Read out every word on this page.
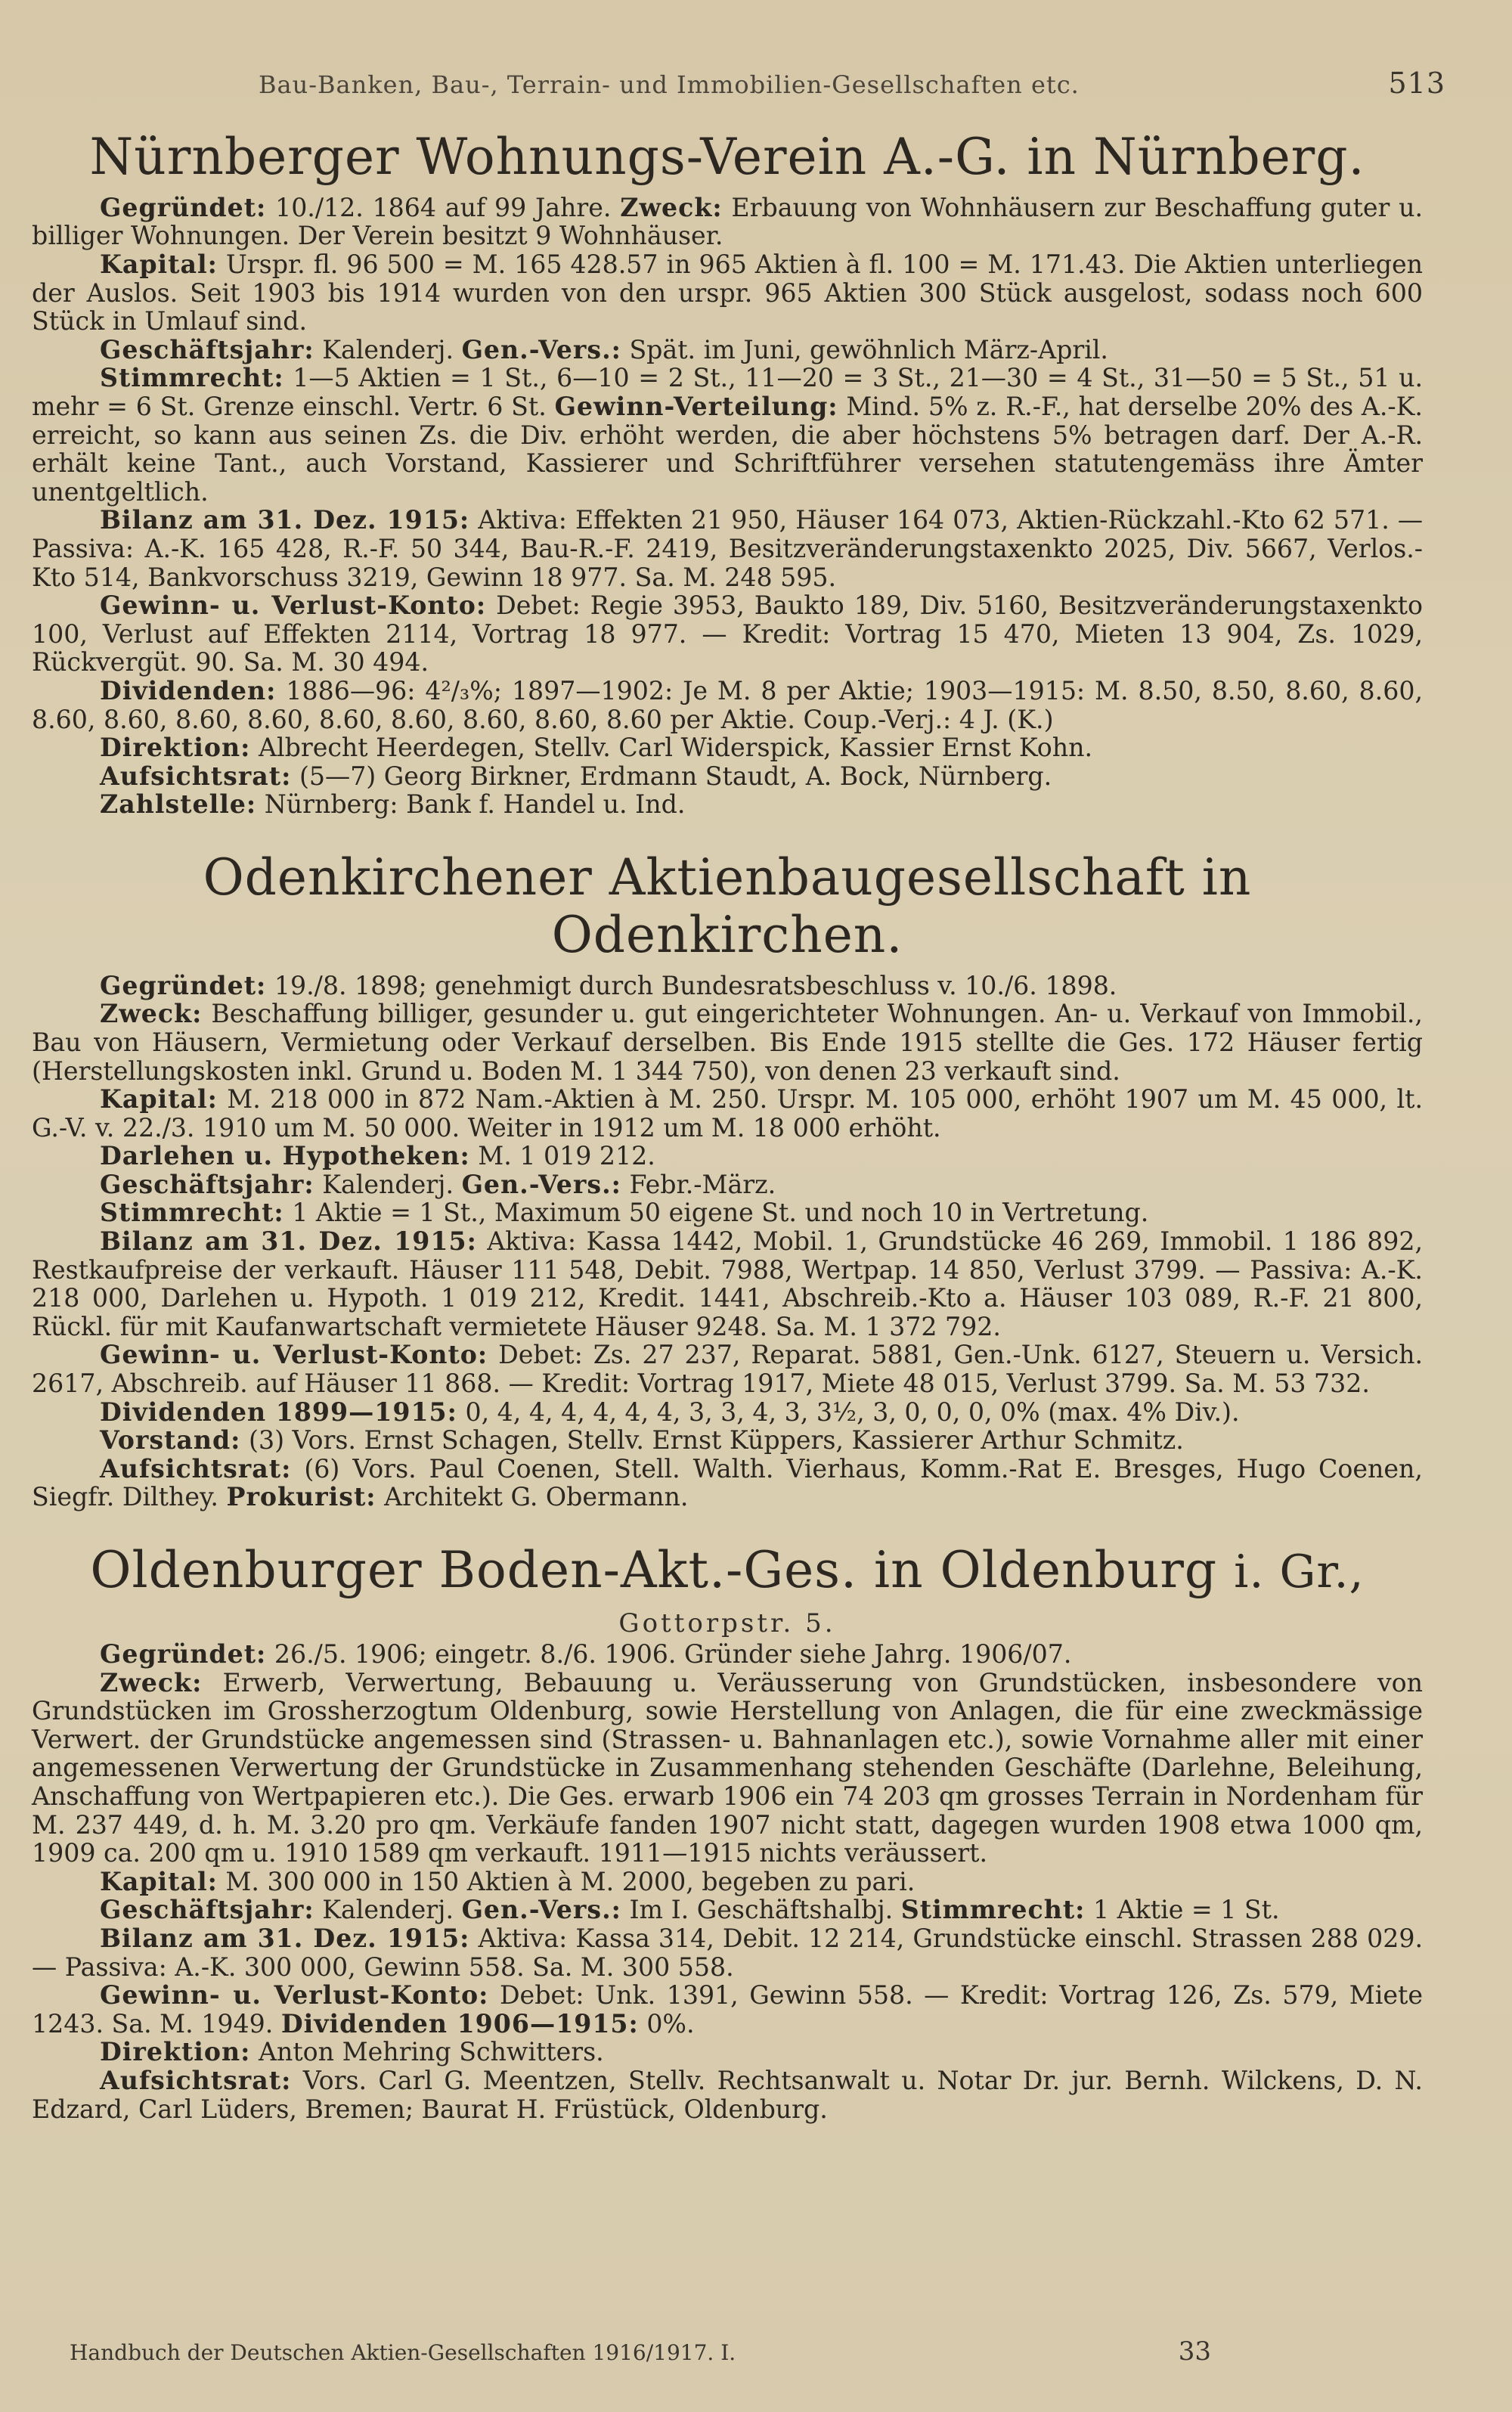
Bau-Banken, Bau-, Terrain- und Immobilien-Gesellschaften etc.	513
Nürnberger Wohnungs-Verein A.-G. in Nürnberg.

Gegründet: 10./12. 1864 auf 99 Jahre. Zweck: Erbauung von Wohnhäusern zur Beschaffung guter u. billiger Wohnungen. Der Verein besitzt 9 Wohnhäuser.

Kapital: Urspr. fl. 96 500 = M. 165 428.57 in 965 Aktien à fl. 100 = M. 171.43. Die Aktien unterliegen der Auslos. Seit 1903 bis 1914 wurden von den urspr. 965 Aktien 300 Stück ausgelost, sodass noch 600 Stück in Umlauf sind.

Geschäftsjahr: Kalenderj. Gen.-Vers.: Spät. im Juni, gewöhnlich März-April.

Stimmrecht: 1—5 Aktien = 1 St., 6—10 = 2 St., 11—20 = 3 St., 21—30 = 4 St., 31—50 = 5 St., 51 u. mehr = 6 St. Grenze einschl. Vertr. 6 St. Gewinn-Verteilung: Mind. 5% z. R.-F., hat derselbe 20% des A.-K. erreicht, so kann aus seinen Zs. die Div. erhöht werden, die aber höchstens 5% betragen darf. Der A.-R. erhält keine Tant., auch Vorstand, Kassierer und Schriftführer versehen statutengemäss ihre Ämter unentgeltlich.

Bilanz am 31. Dez. 1915: Aktiva: Effekten 21 950, Häuser 164 073, Aktien-Rückzahl.-Kto 62 571. — Passiva: A.-K. 165 428, R.-F. 50 344, Bau-R.-F. 2419, Besitzveränderungstaxenkto 2025, Div. 5667, Verlos.-Kto 514, Bankvorschuss 3219, Gewinn 18 977. Sa. M. 248 595.

Gewinn- u. Verlust-Konto: Debet: Regie 3953, Baukto 189, Div. 5160, Besitzveränderungstaxenkto 100, Verlust auf Effekten 2114, Vortrag 18 977. — Kredit: Vortrag 15 470, Mieten 13 904, Zs. 1029, Rückvergüt. 90. Sa. M. 30 494.

Dividenden: 1886—96: 4²/₃%; 1897—1902: Je M. 8 per Aktie; 1903—1915: M. 8.50, 8.50, 8.60, 8.60, 8.60, 8.60, 8.60, 8.60, 8.60, 8.60, 8.60, 8.60, 8.60 per Aktie. Coup.-Verj.: 4 J. (K.)

Direktion: Albrecht Heerdegen, Stellv. Carl Widerspick, Kassier Ernst Kohn.

Aufsichtsrat: (5—7) Georg Birkner, Erdmann Staudt, A. Bock, Nürnberg.

Zahlstelle: Nürnberg: Bank f. Handel u. Ind.

Odenkirchener Aktienbaugesellschaft in Odenkirchen.

Gegründet: 19./8. 1898; genehmigt durch Bundesratsbeschluss v. 10./6. 1898.

Zweck: Beschaffung billiger, gesunder u. gut eingerichteter Wohnungen. An- u. Verkauf von Immobil., Bau von Häusern, Vermietung oder Verkauf derselben. Bis Ende 1915 stellte die Ges. 172 Häuser fertig (Herstellungskosten inkl. Grund u. Boden M. 1 344 750), von denen 23 verkauft sind.

Kapital: M. 218 000 in 872 Nam.-Aktien à M. 250. Urspr. M. 105 000, erhöht 1907 um M. 45 000, lt. G.-V. v. 22./3. 1910 um M. 50 000. Weiter in 1912 um M. 18 000 erhöht.

Darlehen u. Hypotheken: M. 1 019 212.

Geschäftsjahr: Kalenderj. Gen.-Vers.: Febr.-März.

Stimmrecht: 1 Aktie = 1 St., Maximum 50 eigene St. und noch 10 in Vertretung.

Bilanz am 31. Dez. 1915: Aktiva: Kassa 1442, Mobil. 1, Grundstücke 46 269, Immobil. 1 186 892, Restkaufpreise der verkauft. Häuser 111 548, Debit. 7988, Wertpap. 14 850, Verlust 3799. — Passiva: A.-K. 218 000, Darlehen u. Hypoth. 1 019 212, Kredit. 1441, Abschreib.-Kto a. Häuser 103 089, R.-F. 21 800, Rückl. für mit Kaufanwartschaft vermietete Häuser 9248. Sa. M. 1 372 792.

Gewinn- u. Verlust-Konto: Debet: Zs. 27 237, Reparat. 5881, Gen.-Unk. 6127, Steuern u. Versich. 2617, Abschreib. auf Häuser 11 868. — Kredit: Vortrag 1917, Miete 48 015, Verlust 3799. Sa. M. 53 732.

Dividenden 1899—1915: 0, 4, 4, 4, 4, 4, 4, 3, 3, 4, 3, 3½, 3, 0, 0, 0, 0% (max. 4% Div.).

Vorstand: (3) Vors. Ernst Schagen, Stellv. Ernst Küppers, Kassierer Arthur Schmitz.

Aufsichtsrat: (6) Vors. Paul Coenen, Stell. Walth. Vierhaus, Komm.-Rat E. Bresges, Hugo Coenen, Siegfr. Dilthey. Prokurist: Architekt G. Obermann.

Oldenburger Boden-Akt.-Ges. in Oldenburg i. Gr.,
Gottorpstr. 5.

Gegründet: 26./5. 1906; eingetr. 8./6. 1906. Gründer siehe Jahrg. 1906/07.

Zweck: Erwerb, Verwertung, Bebauung u. Veräusserung von Grundstücken, insbesondere von Grundstücken im Grossherzogtum Oldenburg, sowie Herstellung von Anlagen, die für eine zweckmässige Verwert. der Grundstücke angemessen sind (Strassen- u. Bahnanlagen etc.), sowie Vornahme aller mit einer angemessenen Verwertung der Grundstücke in Zusammenhang stehenden Geschäfte (Darlehne, Beleihung, Anschaffung von Wertpapieren etc.). Die Ges. erwarb 1906 ein 74 203 qm grosses Terrain in Nordenham für M. 237 449, d. h. M. 3.20 pro qm. Verkäufe fanden 1907 nicht statt, dagegen wurden 1908 etwa 1000 qm, 1909 ca. 200 qm u. 1910 1589 qm verkauft. 1911—1915 nichts veräussert.

Kapital: M. 300 000 in 150 Aktien à M. 2000, begeben zu pari.

Geschäftsjahr: Kalenderj. Gen.-Vers.: Im I. Geschäftshalbj. Stimmrecht: 1 Aktie = 1 St.

Bilanz am 31. Dez. 1915: Aktiva: Kassa 314, Debit. 12 214, Grundstücke einschl. Strassen 288 029. — Passiva: A.-K. 300 000, Gewinn 558. Sa. M. 300 558.

Gewinn- u. Verlust-Konto: Debet: Unk. 1391, Gewinn 558. — Kredit: Vortrag 126, Zs. 579, Miete 1243. Sa. M. 1949. Dividenden 1906—1915: 0%.

Direktion: Anton Mehring Schwitters.

Aufsichtsrat: Vors. Carl G. Meentzen, Stellv. Rechtsanwalt u. Notar Dr. jur. Bernh. Wilckens, D. N. Edzard, Carl Lüders, Bremen; Baurat H. Früstück, Oldenburg.

Handbuch der Deutschen Aktien-Gesellschaften 1916/1917. I.	33
